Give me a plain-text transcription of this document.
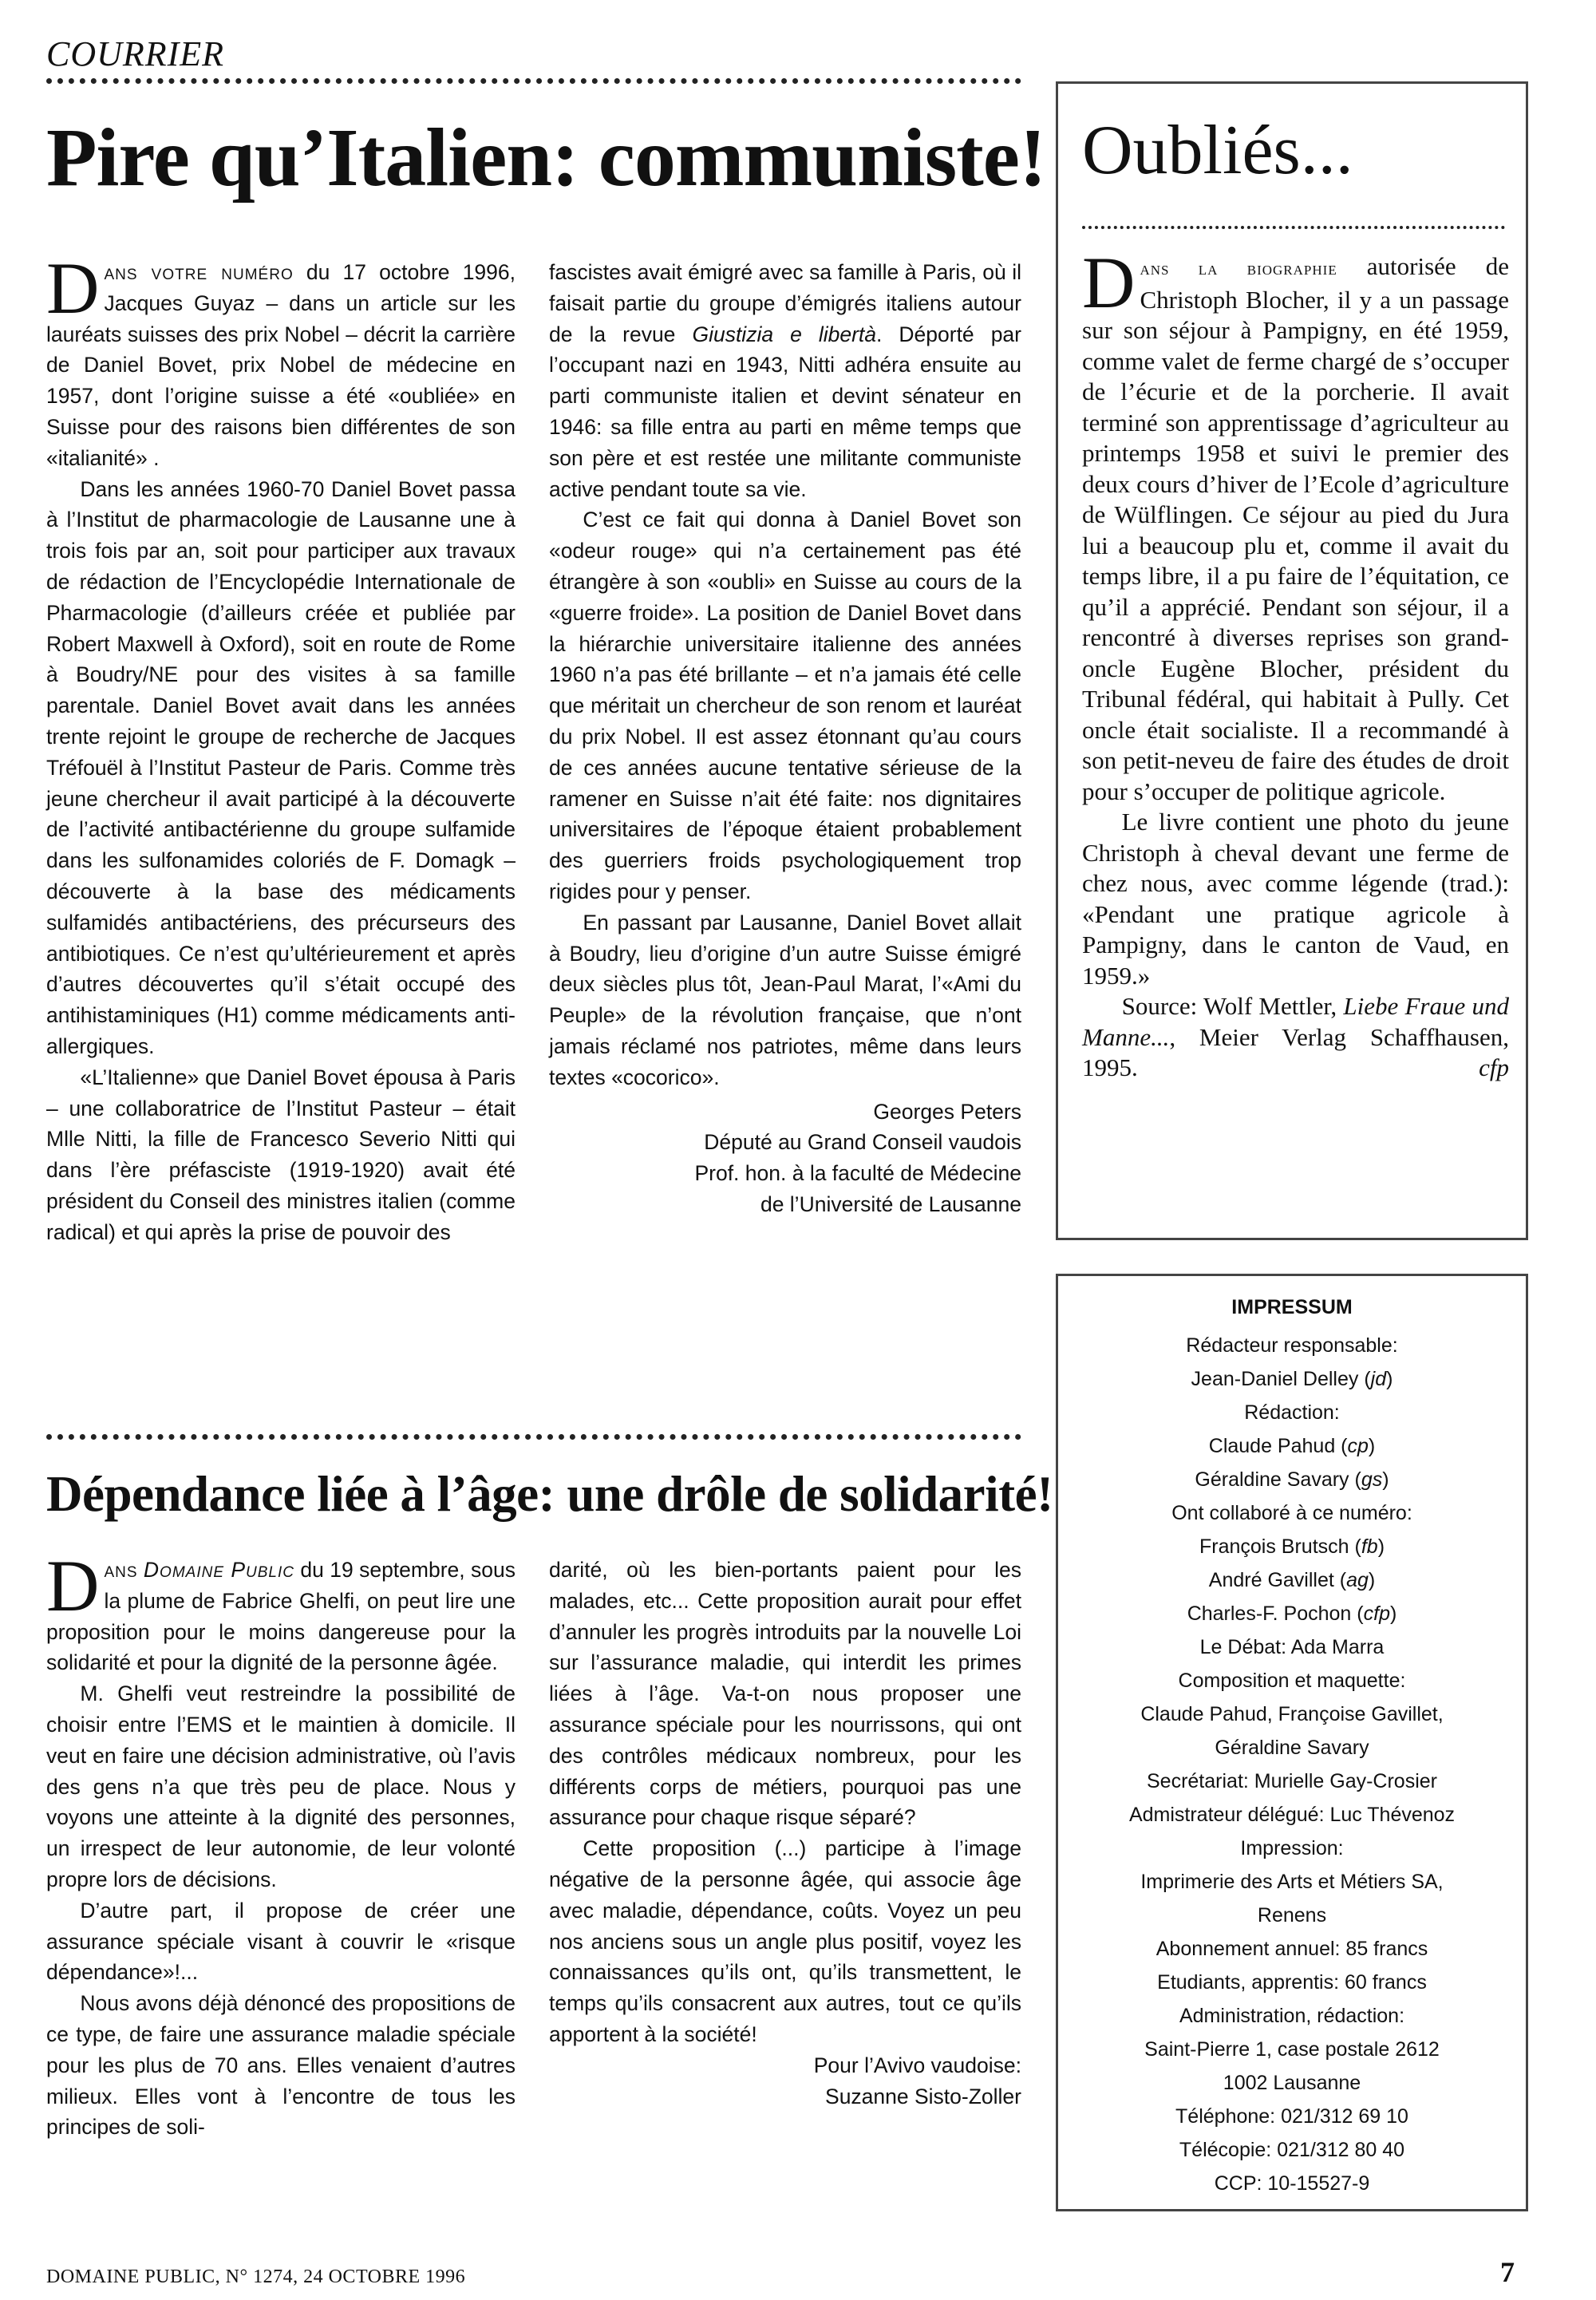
COURRIER
Pire qu’Italien: communiste!

Dans votre numéro du 17 octobre 1996, Jacques Guyaz – dans un article sur les lauréats suisses des prix Nobel – décrit la carrière de Daniel Bovet, prix Nobel de médecine en 1957, dont l’origine suisse a été «oubliée» en Suisse pour des raisons bien différentes de son «italianité» .

Dans les années 1960-70 Daniel Bovet passa à l’Institut de pharmacologie de Lausanne une à trois fois par an, soit pour participer aux travaux de rédaction de l’Encyclopédie Internationale de Pharmacologie (d’ailleurs créée et publiée par Robert Maxwell à Oxford), soit en route de Rome à Boudry/NE pour des visites à sa famille parentale. Daniel Bovet avait dans les années trente rejoint le groupe de recherche de Jacques Tréfouël à l’Institut Pasteur de Paris. Comme très jeune chercheur il avait participé à la découverte de l’activité antibactérienne du groupe sulfamide dans les sulfonamides coloriés de F. Domagk – découverte à la base des médicaments sulfamidés antibactériens, des précurseurs des antibiotiques. Ce n’est qu’ultérieurement et après d’autres découvertes qu’il s’était occupé des antihistaminiques (H1) comme médicaments anti-allergiques.

«L’Italienne» que Daniel Bovet épousa à Paris – une collaboratrice de l’Institut Pasteur – était Mlle Nitti, la fille de Francesco Severio Nitti qui dans l’ère préfasciste (1919-1920) avait été président du Conseil des ministres italien (comme radical) et qui après la prise de pouvoir des

fascistes avait émigré avec sa famille à Paris, où il faisait partie du groupe d’émigrés italiens autour de la revue Giustizia e libertà. Déporté par l’occupant nazi en 1943, Nitti adhéra ensuite au parti communiste italien et devint sénateur en 1946: sa fille entra au parti en même temps que son père et est restée une militante communiste active pendant toute sa vie.

C’est ce fait qui donna à Daniel Bovet son «odeur rouge» qui n’a certainement pas été étrangère à son «oubli» en Suisse au cours de la «guerre froide». La position de Daniel Bovet dans la hiérarchie universitaire italienne des années 1960 n’a pas été brillante – et n’a jamais été celle que méritait un chercheur de son renom et lauréat du prix Nobel. Il est assez étonnant qu’au cours de ces années aucune tentative sérieuse de la ramener en Suisse n’ait été faite: nos dignitaires universitaires de l’époque étaient probablement des guerriers froids psychologiquement trop rigides pour y penser.

En passant par Lausanne, Daniel Bovet allait à Boudry, lieu d’origine d’un autre Suisse émigré deux siècles plus tôt, Jean-Paul Marat, l’«Ami du Peuple» de la révolution française, que n’ont jamais réclamé nos patriotes, même dans leurs textes «cocorico».

Georges Peters

Député au Grand Conseil vaudois

Prof. hon. à la faculté de Médecine

de l’Université de Lausanne

Oubliés...

Dans la biographie autorisée de Christoph Blocher, il y a un passage sur son séjour à Pampigny, en été 1959, comme valet de ferme chargé de s’occuper de l’écurie et de la porcherie. Il avait terminé son apprentissage d’agriculteur au printemps 1958 et suivi le premier des deux cours d’hiver de l’Ecole d’agriculture de Wülflingen. Ce séjour au pied du Jura lui a beaucoup plu et, comme il avait du temps libre, il a pu faire de l’équitation, ce qu’il a apprécié. Pendant son séjour, il a rencontré à diverses reprises son grand-oncle Eugène Blocher, président du Tribunal fédéral, qui habitait à Pully. Cet oncle était socialiste. Il a recommandé à son petit-neveu de faire des études de droit pour s’occuper de politique agricole.

Le livre contient une photo du jeune Christoph à cheval devant une ferme de chez nous, avec comme légende (trad.): «Pendant une pratique agricole à Pampigny, dans le canton de Vaud, en 1959.»

Source: Wolf Mettler, Liebe Fraue und Manne..., Meier Verlag Schaffhausen, 1995.	cfp

IMPRESSUM

Rédacteur responsable:

Jean-Daniel Delley (jd)

Rédaction:

Claude Pahud (cp)

Géraldine Savary (gs)

Ont collaboré à ce numéro:

François Brutsch (fb)

André Gavillet (ag)

Charles-F. Pochon (cfp)

Le Débat: Ada Marra

Composition et maquette:

Claude Pahud, Françoise Gavillet,

Géraldine Savary

Secrétariat: Murielle Gay-Crosier

Admistrateur délégué: Luc Thévenoz

Impression:

Imprimerie des Arts et Métiers SA,

Renens

Abonnement annuel: 85 francs

Etudiants, apprentis: 60 francs

Administration, rédaction:

Saint-Pierre 1, case postale 2612

1002 Lausanne

Téléphone: 021/312 69 10

Télécopie: 021/312 80 40

CCP: 10-15527-9

Dépendance liée à l’âge: une drôle de solidarité!

Dans Domaine Public du 19 septembre, sous la plume de Fabrice Ghelfi, on peut lire une proposition pour le moins dangereuse pour la solidarité et pour la dignité de la personne âgée.

M. Ghelfi veut restreindre la possibilité de choisir entre l’EMS et le maintien à domicile. Il veut en faire une décision administrative, où l’avis des gens n’a que très peu de place. Nous y voyons une atteinte à la dignité des personnes, un irrespect de leur autonomie, de leur volonté propre lors de décisions.

D’autre part, il propose de créer une assurance spéciale visant à couvrir le «risque dépendance»!...

Nous avons déjà dénoncé des propositions de ce type, de faire une assurance maladie spéciale pour les plus de 70 ans. Elles venaient d’autres milieux. Elles vont à l’encontre de tous les principes de soli-

darité, où les bien-portants paient pour les malades, etc... Cette proposition aurait pour effet d’annuler les progrès introduits par la nouvelle Loi sur l’assurance maladie, qui interdit les primes liées à l’âge. Va-t-on nous proposer une assurance spéciale pour les nourrissons, qui ont des contrôles médicaux nombreux, pour les différents corps de métiers, pourquoi pas une assurance pour chaque risque séparé?

Cette proposition (...) participe à l’image négative de la personne âgée, qui associe âge avec maladie, dépendance, coûts. Voyez un peu nos anciens sous un angle plus positif, voyez les connaissances qu’ils ont, qu’ils transmettent, le temps qu’ils consacrent aux autres, tout ce qu’ils apportent à la société!

Pour l’Avivo vaudoise:

Suzanne Sisto-Zoller

DOMAINE PUBLIC, N° 1274, 24 OCTOBRE 1996	7
